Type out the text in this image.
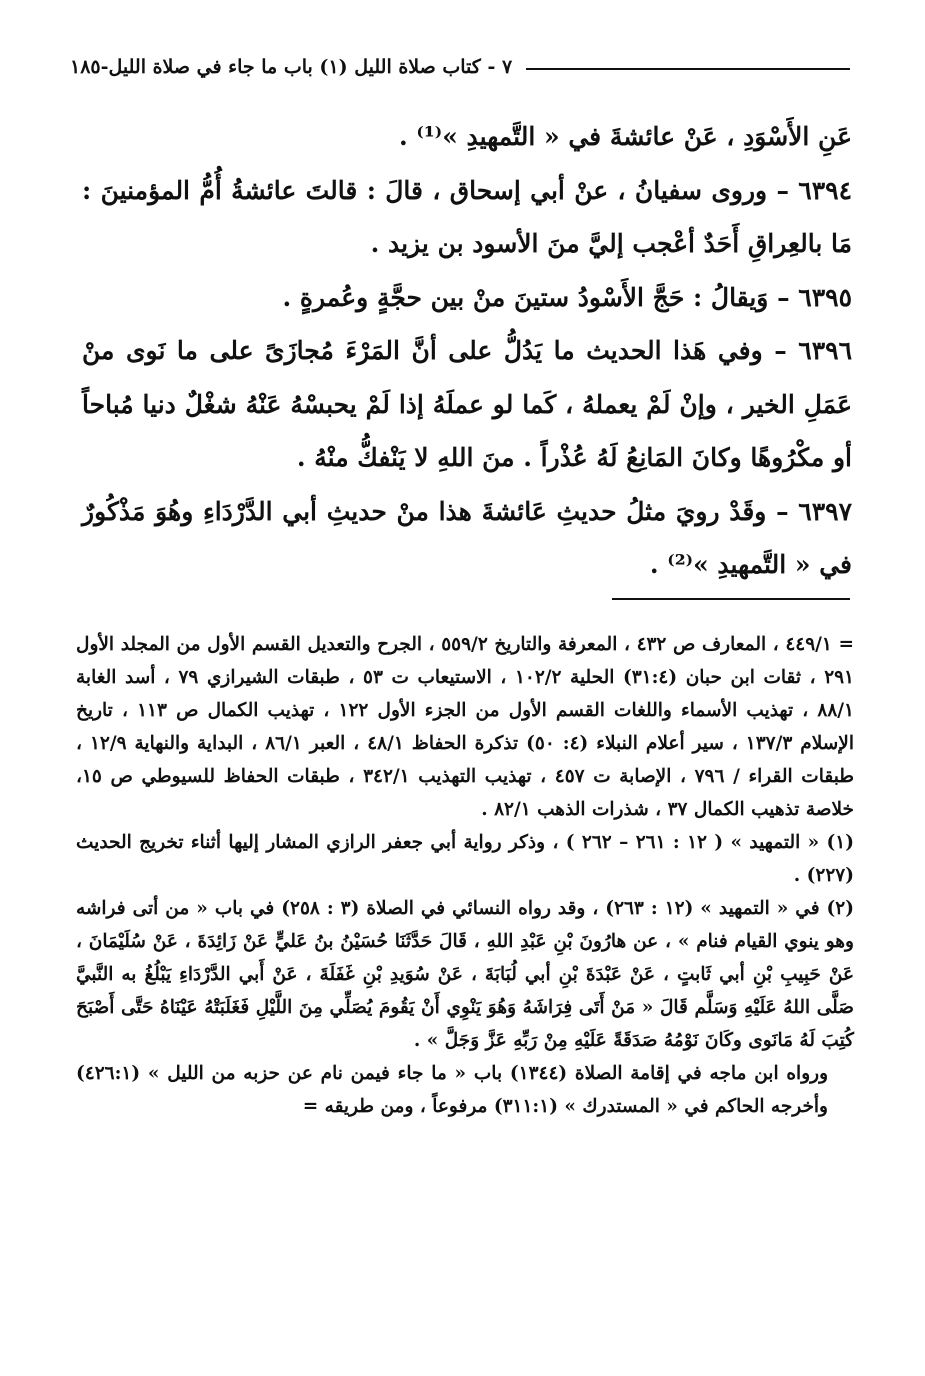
٧ - كتاب صلاة الليل (١) باب ما جاء في صلاة الليل-١٨٥

عَنِ الأَسْوَدِ ، عَنْ عائشةَ في « التَّمهيدِ »⁽¹⁾ .

٦٣٩٤ – وروى سفيانُ ، عنْ أبي إسحاق ، قالَ : قالتَ عائشةُ أُمُّ المؤمنينَ : مَا بالعِراقِ أَحَدٌ أعْجب إليَّ منَ الأسود بن يزيد .

٦٣٩٥ – وَيقالُ : حَجَّ الأَسْودُ ستينَ منْ بين حجَّةٍ وعُمرةٍ .

٦٣٩٦ – وفي هَذا الحديث ما يَدُلُّ على أنَّ المَرْءَ مُجازَىً على ما نَوى منْ عَمَلِ الخير ، وإنْ لَمْ يعملهُ ، كَما لو عملَهُ إذا لَمْ يحبسْهُ عَنْهُ شغْلٌ دنيا مُباحاً أو مكْرُوهًا وكانَ المَانِعُ لَهُ عُذْراً . منَ اللهِ لا يَنْفكُّ منْهُ .

٦٣٩٧ – وقَدْ رويَ مثلُ حديثِ عَائشةَ هذا منْ حديثِ أبي الدَّرْدَاءِ وهُوَ مَذْكُورٌ في « التَّمهيدِ »⁽²⁾ .

= ٤٤٩/١ ، المعارف ص ٤٣٢ ، المعرفة والتاريخ ٥٥٩/٢ ، الجرح والتعديل القسم الأول من المجلد الأول ٢٩١ ، ثقات ابن حبان (٣١:٤) الحلية ١٠٢/٢ ، الاستيعاب ت ٥٣ ، طبقات الشيرازي ٧٩ ، أسد الغابة ٨٨/١ ، تهذيب الأسماء واللغات القسم الأول من الجزء الأول ١٢٢ ، تهذيب الكمال ص ١١٣ ، تاريخ الإسلام ١٣٧/٣ ، سير أعلام النبلاء (٤: ٥٠) تذكرة الحفاظ ٤٨/١ ، العبر ٨٦/١ ، البداية والنهاية ١٢/٩ ، طبقات القراء / ٧٩٦ ، الإصابة ت ٤٥٧ ، تهذيب التهذيب ٣٤٢/١ ، طبقات الحفاظ للسيوطي ص ١٥، خلاصة تذهيب الكمال ٣٧ ، شذرات الذهب ٨٢/١ .

(١) « التمهيد » ( ١٢ : ٢٦١ – ٢٦٢ ) ، وذكر رواية أبي جعفر الرازي المشار إليها أثناء تخريج الحديث (٢٢٧) .

(٢) في « التمهيد » (١٢ : ٢٦٣) ، وقد رواه النسائي في الصلاة (٣ : ٢٥٨) في باب « من أتى فراشه وهو ينوي القيام فنام » ، عن هارُونَ بْنِ عَبْدِ اللهِ ، قَالَ حَدَّثَنَا حُسَيْنُ بنُ عَليٍّ عَنْ زَائِدَةَ ، عَنْ سُلَيْمَانَ ، عَنْ حَبِيبِ بْنِ أبي ثَابتٍ ، عَنْ عَبْدَةَ بْنِ أبي لُبَابَةَ ، عَنْ سُوَيدِ بْنِ غَفَلَةَ ، عَنْ أَبي الدَّرْدَاءِ يَبْلُغُ به النَّبيَّ صَلَّى اللهُ عَلَيْهِ وَسَلَّم قَالَ « مَنْ أَتَى فِرَاشَهُ وَهُوَ يَنْوِي أَنْ يَقُومَ يُصَلِّي مِنَ اللَّيْلِ فَغَلَبَتْهُ عَيْنَاهُ حَتَّى أَصْبَحَ كُتِبَ لَهُ مَانَوى وكَانَ نَوْمُهُ صَدَقَةً عَلَيْهِ مِنْ رَبِّهِ عَزَّ وَجَلَّ » .

ورواه ابن ماجه في إقامة الصلاة (١٣٤٤) باب « ما جاء فيمن نام عن حزبه من الليل » (٤٢٦:١) وأخرجه الحاكم في « المستدرك » (٣١١:١) مرفوعاً ، ومن طريقه =
